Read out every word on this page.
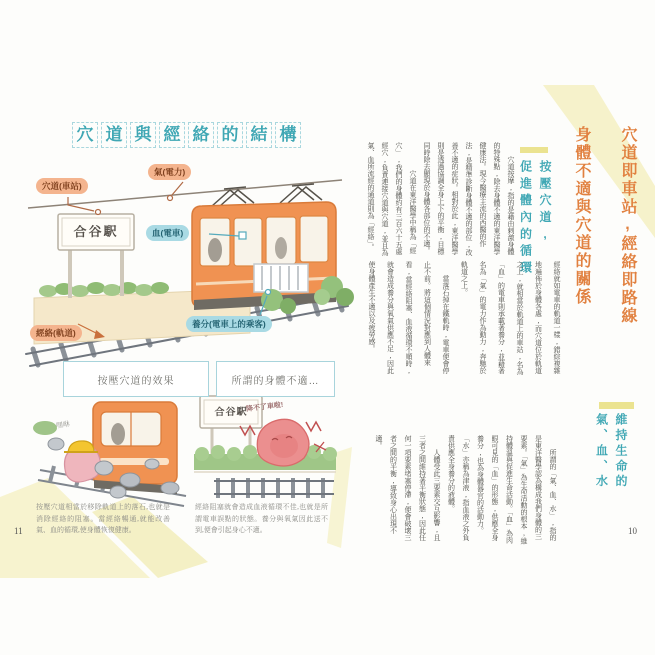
穴 道 與 經 絡 的 結 構
穴道(車站)
氣(電力)
血(電車)
經絡(軌道)
養分(電車上的乘客)
合谷駅
合谷駅
按壓穴道的效果	所謂的身體不適…
嘿咻
降不了車啦!
按壓穴道相當於移除軌道上的落石,也就是消除經絡的阻塞。當經絡暢通,就能改善氣、血的循環,使身體恢復健康。
經絡阻塞就會造成血液循環不佳,也就是所謂電車誤點的狀態。養分與氧氣因此送不到,便會引起身心不適。
11
穴道即車站,經絡即路線
身體不適與穴道的關係
按壓穴道,
促進體內的循環
維持生命的
氣、血、水
　　穴道按摩,指的是藉由刺激身體的特殊點,除去身體不適的東洋醫學健康法。現今醫療主流的西醫的作法,是精準診斷身體不適的部位,改善不適的症狀。相對於此,東洋醫學則是透過協調全身上下的平衡,目標同時除去顯現於身體各部位的不適。
　　　　穴道在東洋醫學中稱為「經穴」,我們的身體約有三百六十五處經穴,負責連接穴道與穴道,並且為氣、血所流經的通道則為「經絡」。
經絡就如電車的軌道一樣,錯綜複雜地遍佈於身體各處,而穴道位於軌道之上,就相當於軌道上的車站,名為「血」的電車則承載著養分,並藉著名為「氣」的電力作為動力,奔馳於軌道之上。
　　當落石掉在鐵軌時,電車便會停止不前。將這個情況對應到人體來看,當經絡阻塞、血液循環不順時,就會造成養分與氧氣供應不足,因此使身體產生不適以及疲勞感。
　　所謂的「氣、血、水」,指的是東洋醫學認為構成我們身體的三要素。「氣」為生命活動的根本,維持體溫與促進生命活動。「血」為肉眼可見的「血」的形態,供應全身養分,也為身體器官的活動力。「水」亦稱為津液,指血液之外負責供應全身養分的液體。
　　人體受此三要素交互影響,且三者之間維持著平衡狀態,因此任何一項要素堵塞停滯,便會破壞三者之間的平衡,導致身心出現不適。
10
